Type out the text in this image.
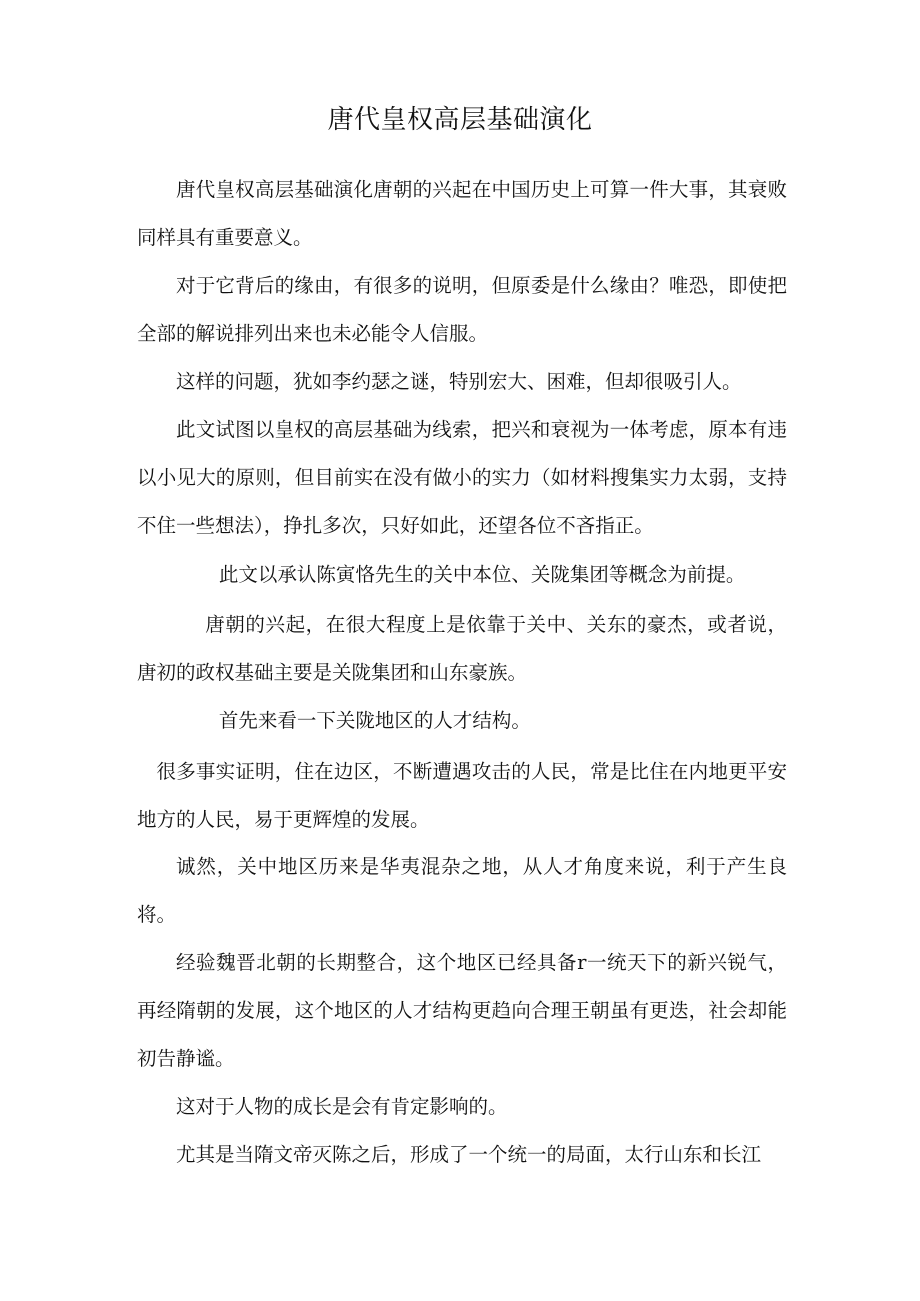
唐代皇权高层基础演化

唐代皇权高层基础演化唐朝的兴起在中国历史上可算一件大事，其衰败同样具有重要意义。

对于它背后的缘由，有很多的说明，但原委是什么缘由？唯恐，即使把全部的解说排列出来也未必能令人信服。

这样的问题，犹如李约瑟之谜，特别宏大、困难，但却很吸引人。

此文试图以皇权的高层基础为线索，把兴和衰视为一体考虑，原本有违以小见大的原则，但目前实在没有做小的实力（如材料搜集实力太弱，支持不住一些想法），挣扎多次，只好如此，还望各位不吝指正。

此文以承认陈寅恪先生的关中本位、关陇集团等概念为前提。

唐朝的兴起，在很大程度上是依靠于关中、关东的豪杰，或者说，唐初的政权基础主要是关陇集团和山东豪族。

首先来看一下关陇地区的人才结构。

很多事实证明，住在边区，不断遭遇攻击的人民，常是比住在内地更平安地方的人民，易于更辉煌的发展。

诚然，关中地区历来是华夷混杂之地，从人才角度来说，利于产生良将。

经验魏晋北朝的长期整合，这个地区已经具备r一统天下的新兴锐气，再经隋朝的发展，这个地区的人才结构更趋向合理王朝虽有更迭，社会却能初告静谧。

这对于人物的成长是会有肯定影响的。

尤其是当隋文帝灭陈之后，形成了一个统一的局面，太行山东和长江
